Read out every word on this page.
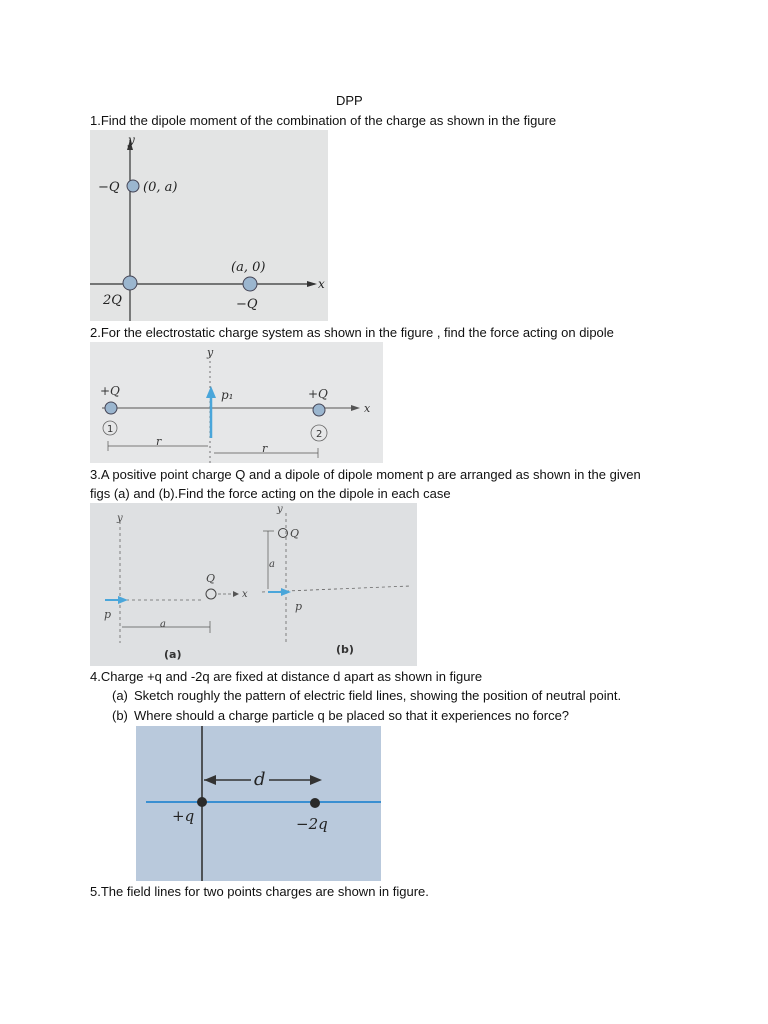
DPP
1.Find the dipole moment of the combination of the charge as shown in the figure
y
x
−Q (0, a)
(a, 0)
2Q	−Q
2.For the electrostatic charge system as shown in the figure , find the force acting on dipole
y
x
p₁
+Q	+Q
1	2
r
r
3.A positive point charge Q and a dipole of dipole moment p are arranged as shown in the given
figs (a) and (b).Find the force acting on the dipole in each case
y
p
Q
x
a
(a)
y
Q
a
p
(b)
4.Charge +q and -2q are fixed at distance d apart as shown in figure
(a) Sketch roughly the pattern of electric field lines, showing the position of neutral point.
(b) Where should a charge particle q be placed so that it experiences no force?
d
+q	−2q
5.The field lines for two points charges are shown in figure.
